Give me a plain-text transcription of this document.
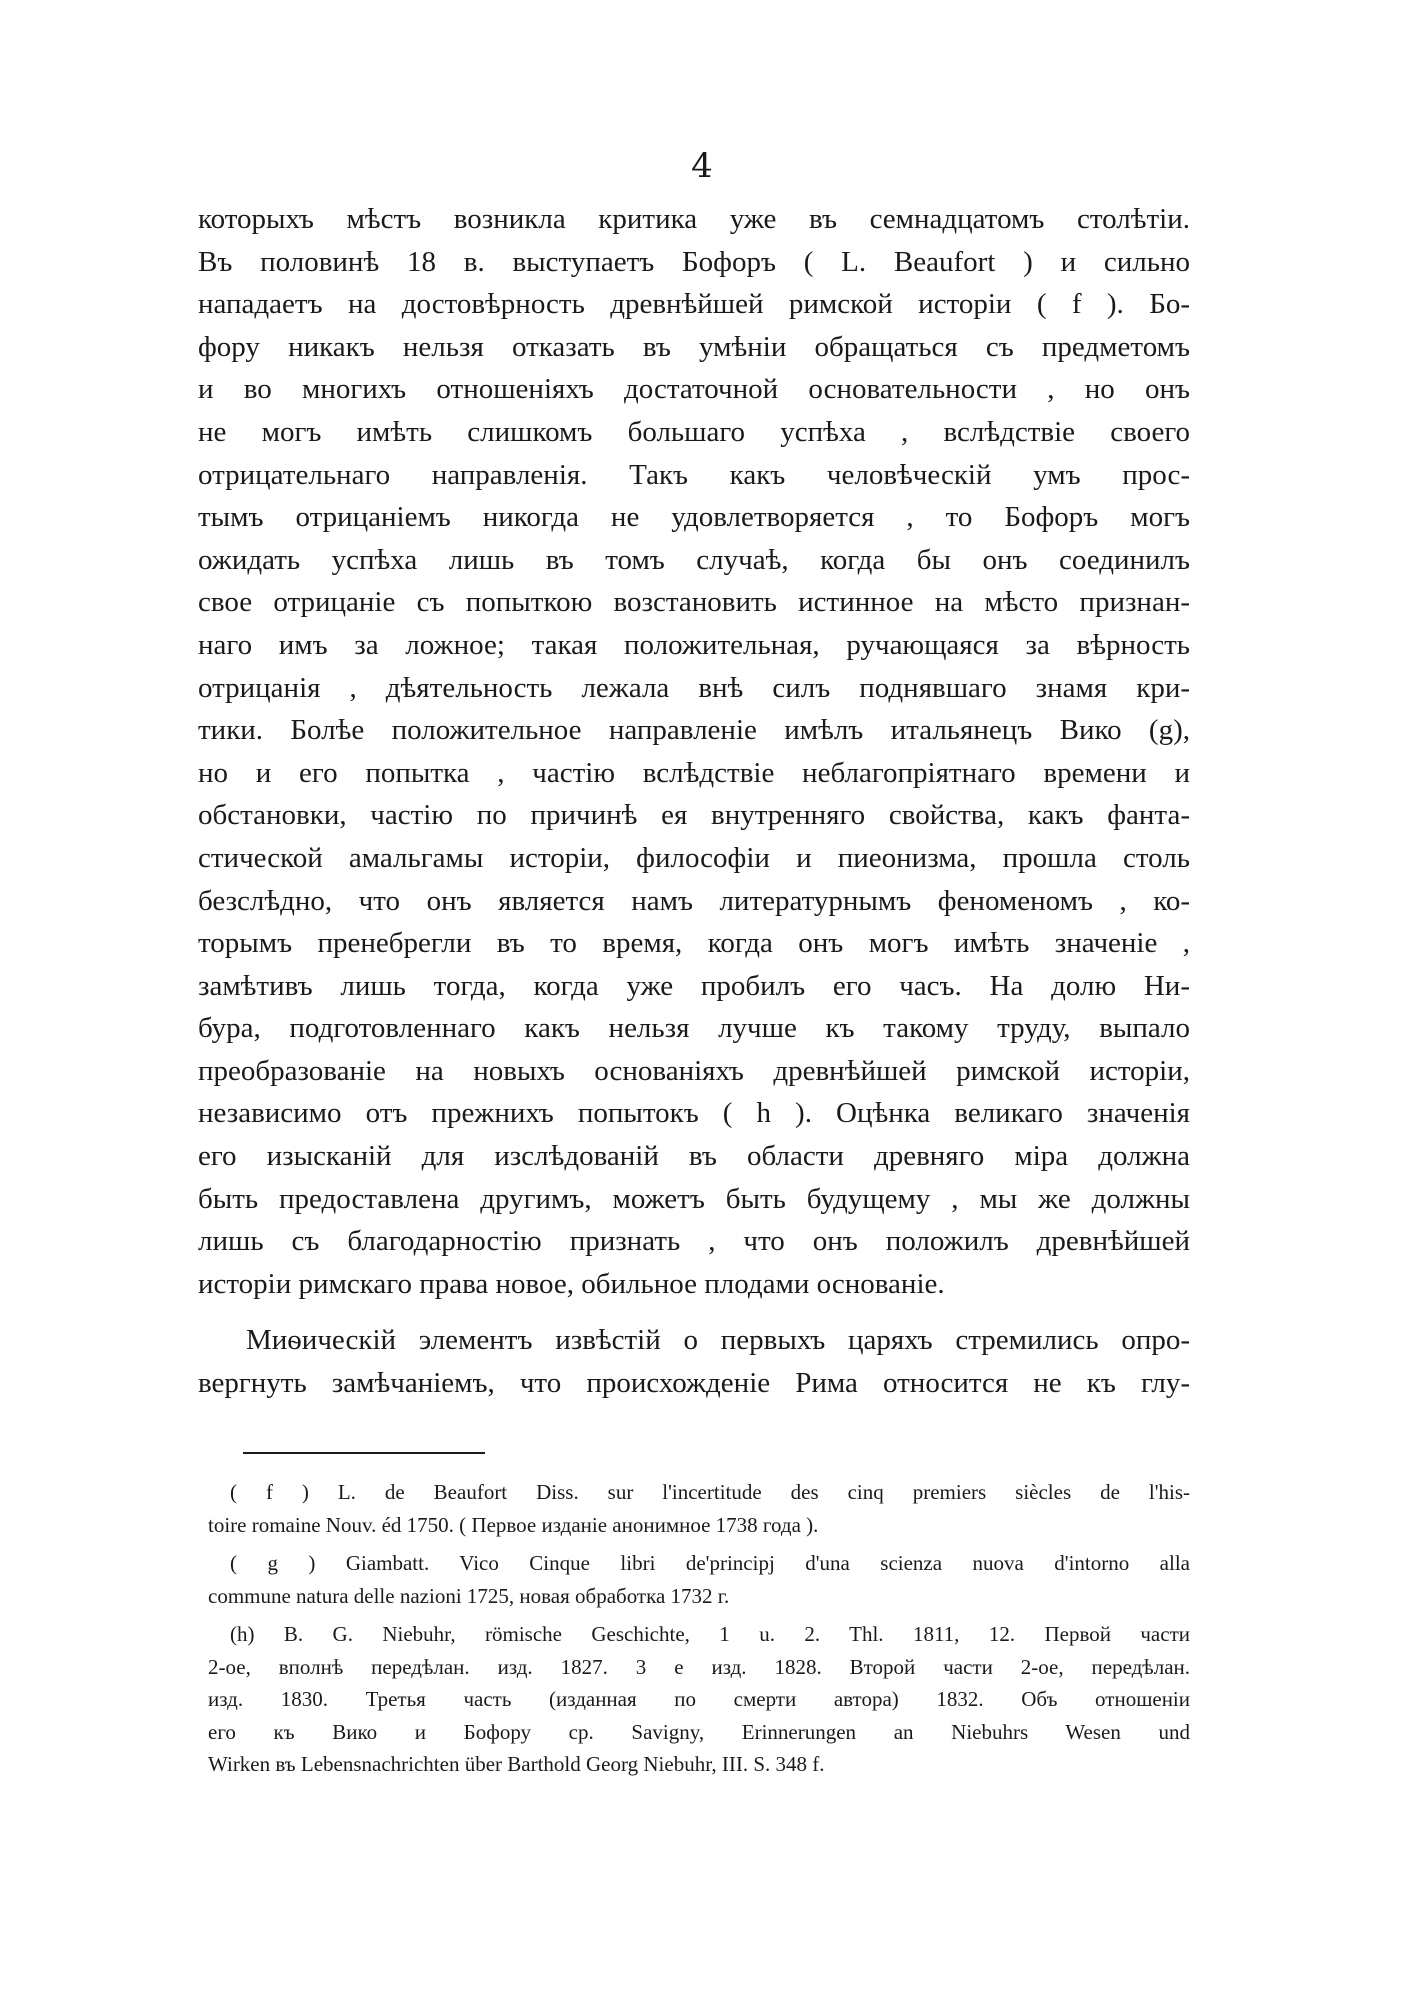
4
которыхъ мѣстъ возникла критика уже въ семнадцатомъ столѣтіи.
Въ половинѣ 18 в. выступаетъ Бофоръ ( L. Beaufort ) и сильно
нападаетъ на достовѣрность древнѣйшей римской исторіи ( f ). Бо-
фору никакъ нельзя отказать въ умѣніи обращаться съ предметомъ
и во многихъ отношеніяхъ достаточной основательности , но онъ
не могъ имѣть слишкомъ большаго успѣха , вслѣдствіе своего
отрицательнаго направленія. Такъ какъ человѣческій умъ прос-
тымъ отрицаніемъ никогда не удовлетворяется , то Бофоръ могъ
ожидать успѣха лишь въ томъ случаѣ, когда бы онъ соединилъ
свое отрицаніе съ попыткою возстановить истинное на мѣсто признан-
наго имъ за ложное; такая положительная, ручающаяся за вѣрность
отрицанія , дѣятельность лежала внѣ силъ поднявшаго знамя кри-
тики. Болѣе положительное направленіе имѣлъ итальянецъ Вико (g),
но и его попытка , частію вслѣдствіе неблагопріятнаго времени и
обстановки, частію по причинѣ ея внутренняго свойства, какъ фанта-
стической амальгамы исторіи, философіи и пиеонизма, прошла столь
безслѣдно, что онъ является намъ литературнымъ феноменомъ , ко-
торымъ пренебрегли въ то время, когда онъ могъ имѣть значеніе ,
замѣтивъ лишь тогда, когда уже пробилъ его часъ. На долю Ни-
бура, подготовленнаго какъ нельзя лучше къ такому труду, выпало
преобразованіе на новыхъ основаніяхъ древнѣйшей римской исторіи,
независимо отъ прежнихъ попытокъ ( h ). Оцѣнка великаго значенія
его изысканій для изслѣдованій въ области древняго міра должна
быть предоставлена другимъ, можетъ быть будущему , мы же должны
лишь съ благодарностію признать , что онъ положилъ древнѣйшей
исторіи римскаго права новое, обильное плодами основаніе.
Миѳическій элементъ извѣстій о первыхъ царяхъ стремились опро-
вергнуть замѣчаніемъ, что происхожденіе Рима относится не къ глу-
( f ) L. de Beaufort Diss. sur l'incertitude des cinq premiers siècles de l'his-
toire romaine Nouv. éd 1750. ( Первое изданіе анонимное 1738 года ).
( g ) Giambatt. Vico Cinque libri de'principj d'una scienza nuova d'intorno alla
commune natura delle nazioni 1725, новая обработка 1732 г.
(h) B. G. Niebuhr, römische Geschichte, 1 u. 2. Thl. 1811, 12. Первой части
2-ое, вполнѣ передѣлан. изд. 1827. 3 е изд. 1828. Второй части 2-ое, передѣлан.
изд. 1830. Третья часть (изданная по смерти автора) 1832. Объ отношеніи
его къ Вико и Бофору ср. Savigny, Erinnerungen an Niebuhrs Wesen und
Wirken въ Lebensnachrichten über Barthold Georg Niebuhr, III. S. 348 f.
